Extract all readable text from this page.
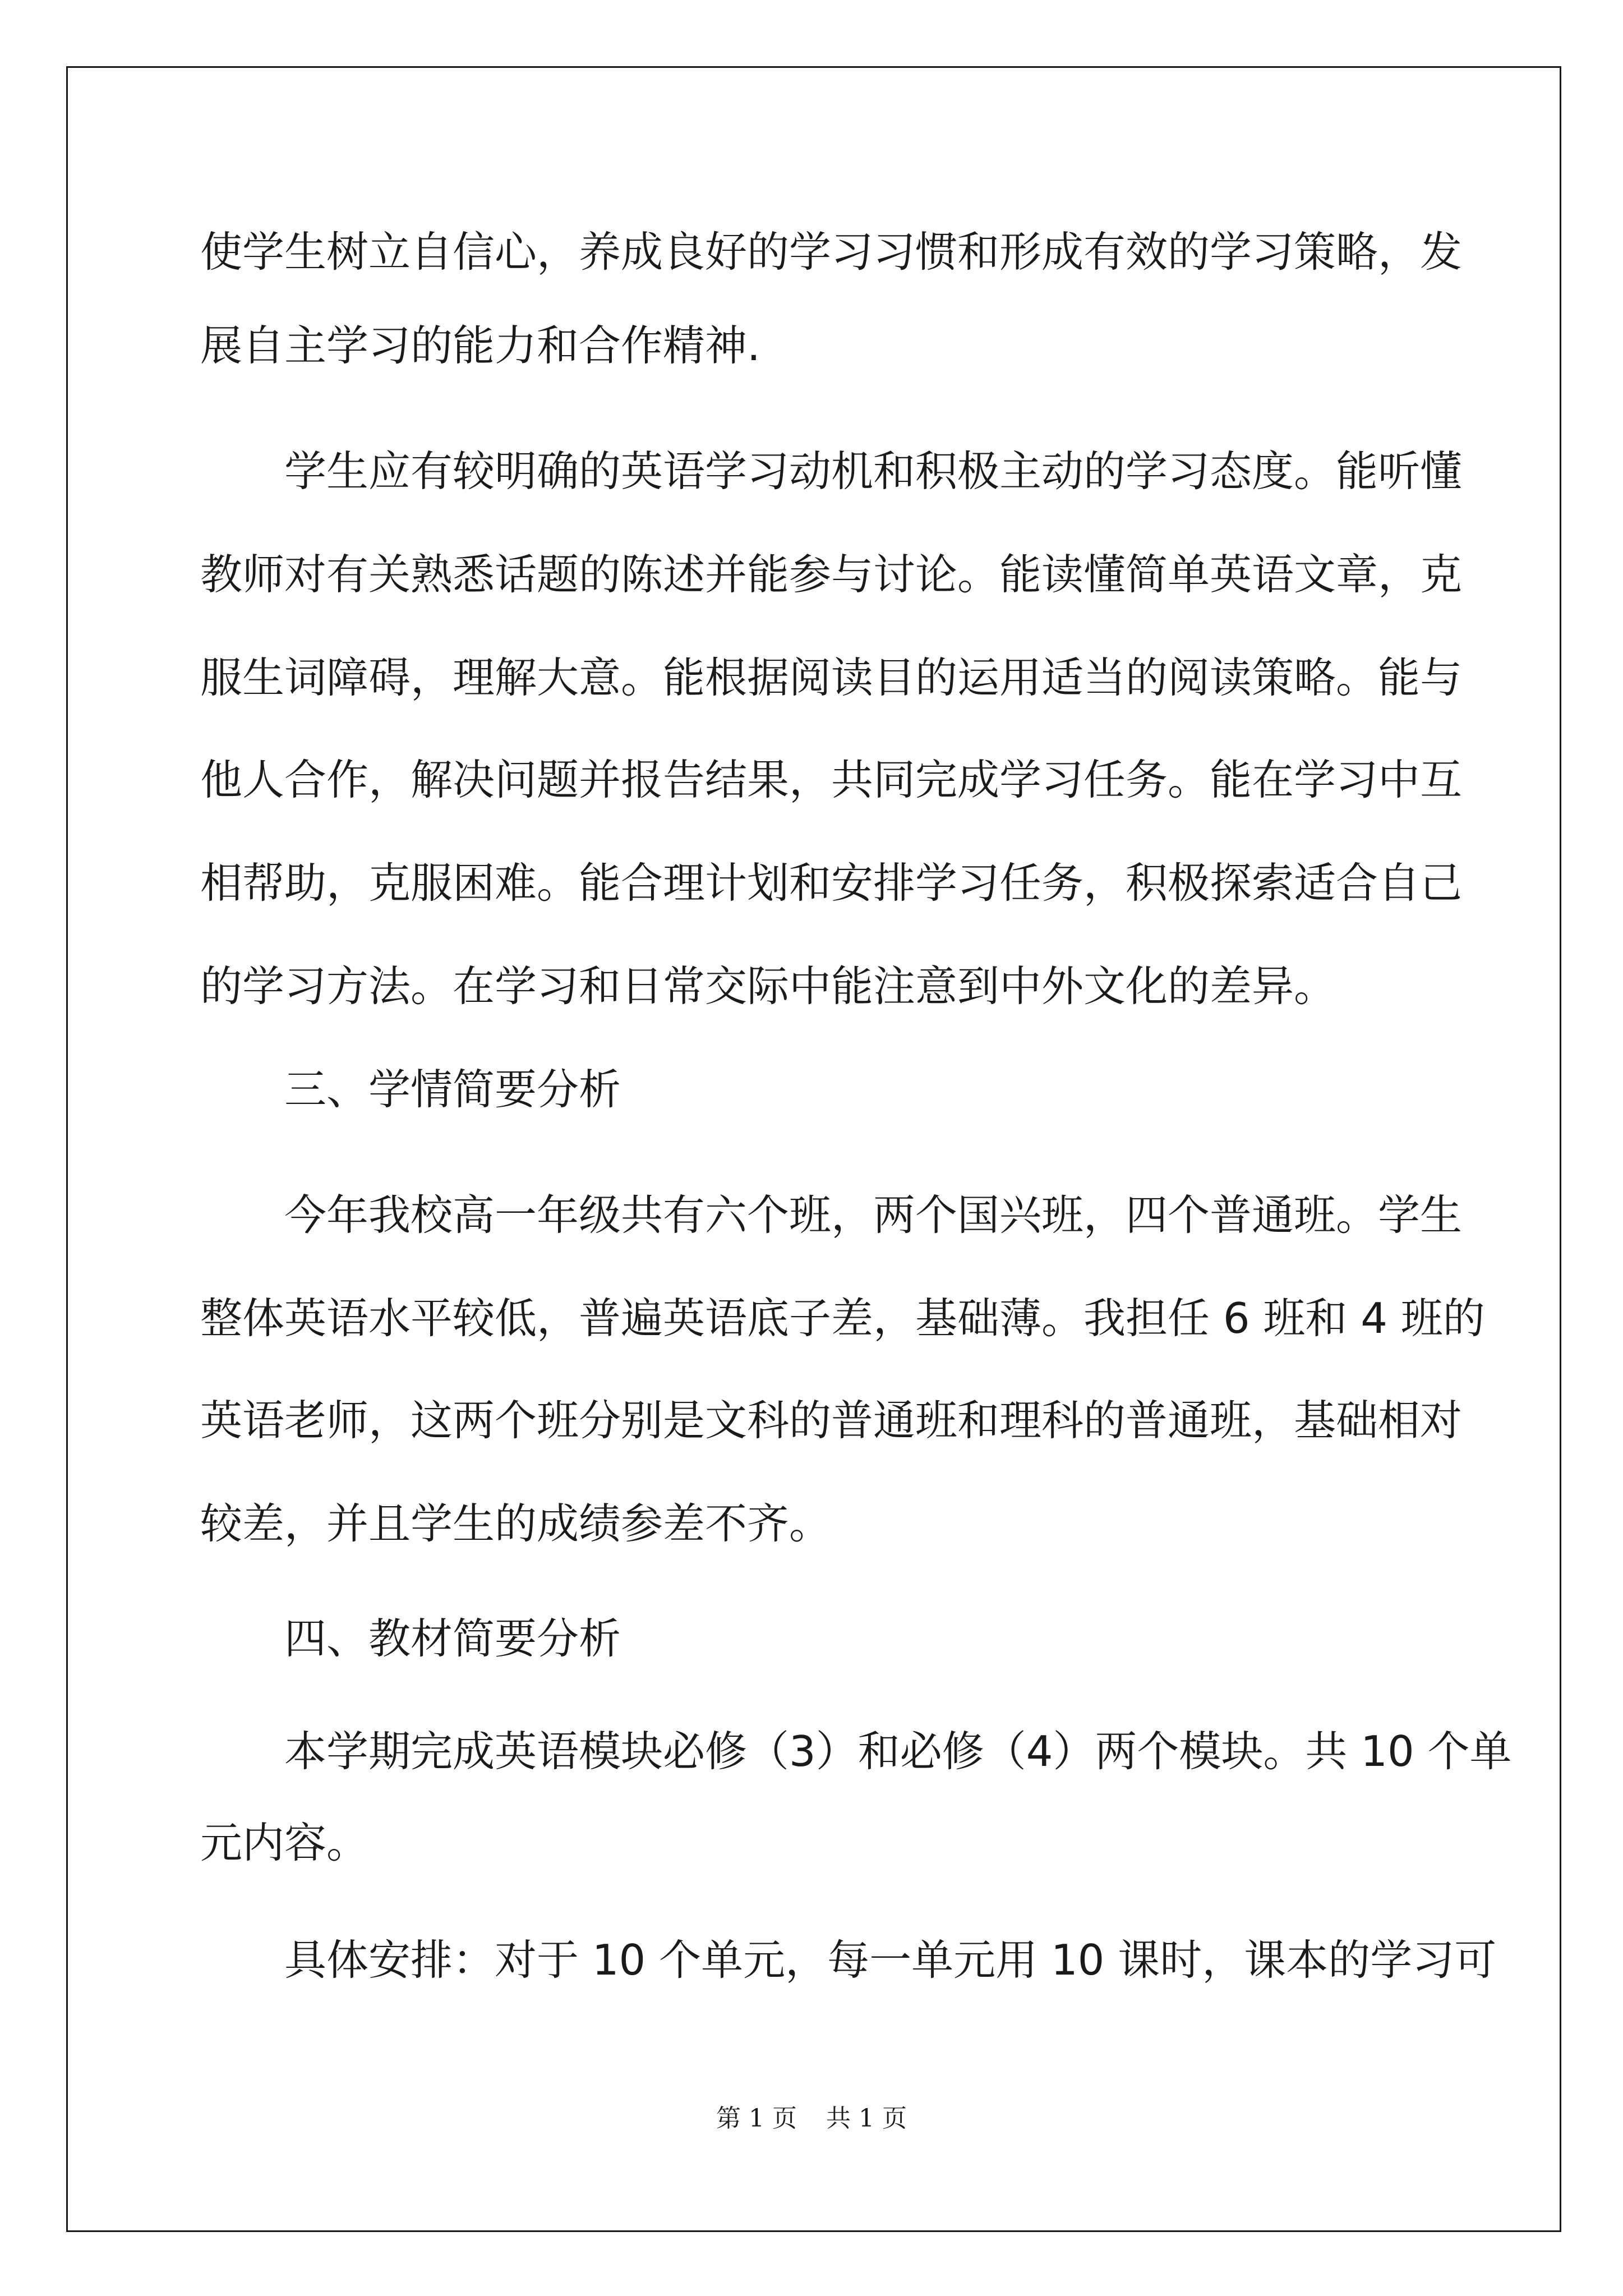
使学生树立自信心，养成良好的学习习惯和形成有效的学习策略，发
展自主学习的能力和合作精神.
学生应有较明确的英语学习动机和积极主动的学习态度。能听懂
教师对有关熟悉话题的陈述并能参与讨论。能读懂简单英语文章，克
服生词障碍，理解大意。能根据阅读目的运用适当的阅读策略。能与
他人合作，解决问题并报告结果，共同完成学习任务。能在学习中互
相帮助，克服困难。能合理计划和安排学习任务，积极探索适合自己
的学习方法。在学习和日常交际中能注意到中外文化的差异。
三、学情简要分析
今年我校高一年级共有六个班，两个国兴班，四个普通班。学生
整体英语水平较低，普遍英语底子差，基础薄。我担任 6 班和 4 班的
英语老师，这两个班分别是文科的普通班和理科的普通班，基础相对
较差，并且学生的成绩参差不齐。
四、教材简要分析
本学期完成英语模块必修（3）和必修（4）两个模块。共 10 个单
元内容。
具体安排：对于 10 个单元，每一单元用 10 课时，课本的学习可
第 1 页 共 1 页
